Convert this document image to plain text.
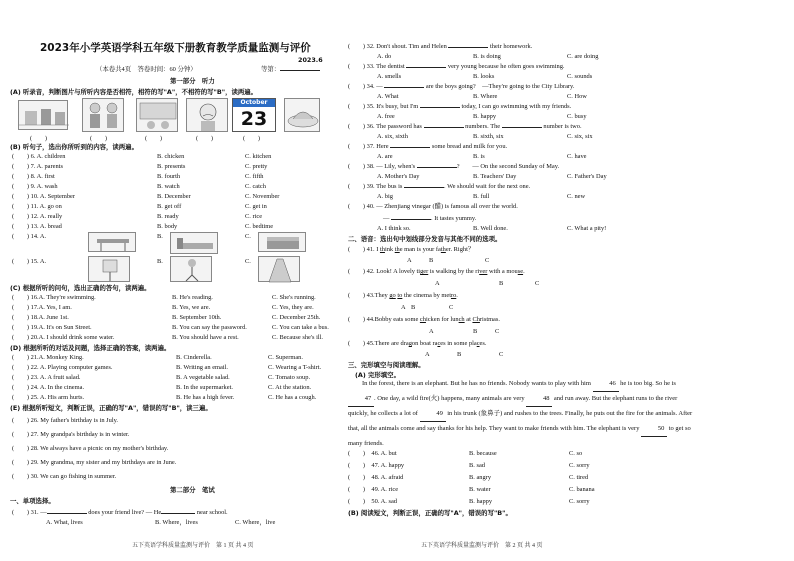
2023年小学英语学科五年级下册教育教学质量监测与评价
2023.6
（本卷共4页　答卷时间：60 分钟）	等第：
第一部分　听力
(A) 听录音，判断图片与所听内容是否相符，相符的写"A"，不相符的写"B"，读两遍。
October
23
(　　)	(　　)	(　　)	(　　)	(　　)
(B) 听句子，选出你所听到的内容，读两遍。
(　　) 6. A. children	B. chicken	C. kitchen
(　　) 7. A. parents	B. presents	C. pretty
(　　) 8. A. first	B. fourth	C. fifth
(　　) 9. A. wash	B. watch	C. catch
(　　) 10. A. September	B. December	C. November
(　　) 11. A. go on	B. get off	C. get in
(　　) 12. A. really	B. ready	C. rice
(　　) 13. A. bread	B. body	C. bedtime
(　　) 14. A.	B.	C.
(　　) 15. A.	B.	C.
(C) 根据所听的问句，选出正确的答句，读两遍。
(　　) 16.A. They're swimming.	B. He's reading.	C. She's running.
(　　) 17.A. Yes, I am.	B. Yes, we are.	C. Yes, they are.
(　　) 18.A. June 1st.	B. September 10th.	C. December 25th.
(　　) 19.A. It's on Sun Street.	B. You can say the password.	C. You can take a bus.
(　　) 20.A. I should drink some water.	B. You should have a rest.	C. Because she's ill.
(D) 根据所听的对话及问题，选择正确的答案，读两遍。
(　　) 21.A. Monkey King.	B. Cinderella.	C. Superman.
(　　) 22. A. Playing computer games.	B. Writing an email.	C. Wearing a T-shirt.
(　　) 23. A. A fruit salad.	B. A vegetable salad.	C. Tomato soup.
(　　) 24. A. In the cinema.	B. In the supermarket.	C. At the station.
(　　) 25. A. His arm hurts.	B. He has a high fever.	C. He has a cough.
(E) 根据所听短文，判断正误，正确的写"A"，错误的写"B"，读三遍。
(　　) 26. My father's birthday is in July.
(　　) 27. My grandpa's birthday is in winter.
(　　) 28. We always have a picnic on my mother's birthday.
(　　) 29. My grandma, my sister and my birthdays are in June.
(　　) 30. We can go fishing in summer.
第二部分　笔试
一、单项选择。
(　　) 31. —	does your friend live? — He	near school.
A. What, lives	B. Where，lives	C. Where，live
五下英语学科质量监测与评价　第 1 页 共 4 页
(　　) 32. Don't shout. Tim and Helen	their homework.
A. do	B. is doing	C. are doing
(　　) 33. The dentist	very young because he often goes swimming.
A. smells	B. looks	C. sounds
(　　) 34. —	are the boys going?　—They're going to the City Library.
A. What	B. Where	C. How
(　　) 35. It's busy, but I'm	today, I can go swimming with my friends.
A. free	B. happy	C. busy
(　　) 36. The password has	numbers. The	number is two.
A. six, sixth	B. sixth, six	C. six, six
(　　) 37. Here	some bread and milk for you.
A. are	B. is	C. have
(　　) 38. — Lily, when's	?　　— On the second Sunday of May.
A. Mother's Day	B. Teachers' Day	C. Father's Day
(　　) 39. The bus is	. We should wait for the next one.
A. big	B. full	C. new
(　　) 40. — Zhenjiang vinegar (醋) is famous all over the world.
—	. It tastes yummy.
A. I think so.	B. Well done.	C. What a pity!
二、语音：选出句中划线部分发音与其他不同的选项。
(　　) 41. I think the man is your father. Right？
A	B	C
(　　) 42. Look! A lovely tiger is walking by the river with a mouse.
A	B	C
(　　) 43.They go to the cinema by metro.
A B	C
(　　) 44.Bobby eats some chicken for lunch at Christmas.
A	B	C
(　　) 45.There are dragon boat races in some places.
A	B	C
三、完形填空与阅读理解。
(A) 完形填空。
In the forest, there is an elephant. But he has no friends. Nobody wants to play with him	46 he is too big. So he is 47 . One day, a wild fire(火) happens, many animals are very	48 and run away. But the elephant runs to the river quickly, he collects a lot of	49 in his trunk (象鼻子) and rushes to the trees. Finally, he puts out the fire for the animals. After that, all the animals come and say thanks for his help. They want to make friends with him. The elephant is very	50 to get so many friends.
(　　)　46. A. but	B. because	C. so
(　　)　47. A. happy	B. sad	C. sorry
(　　)　48. A. afraid	B. angry	C. tired
(　　)　49. A. rice	B. water	C. banana
(　　)　50. A. sad	B. happy	C. sorry
(B) 阅读短文，判断正误，正确的写"A"，错误的写"B"。
五下英语学科质量监测与评价　第 2 页 共 4 页
